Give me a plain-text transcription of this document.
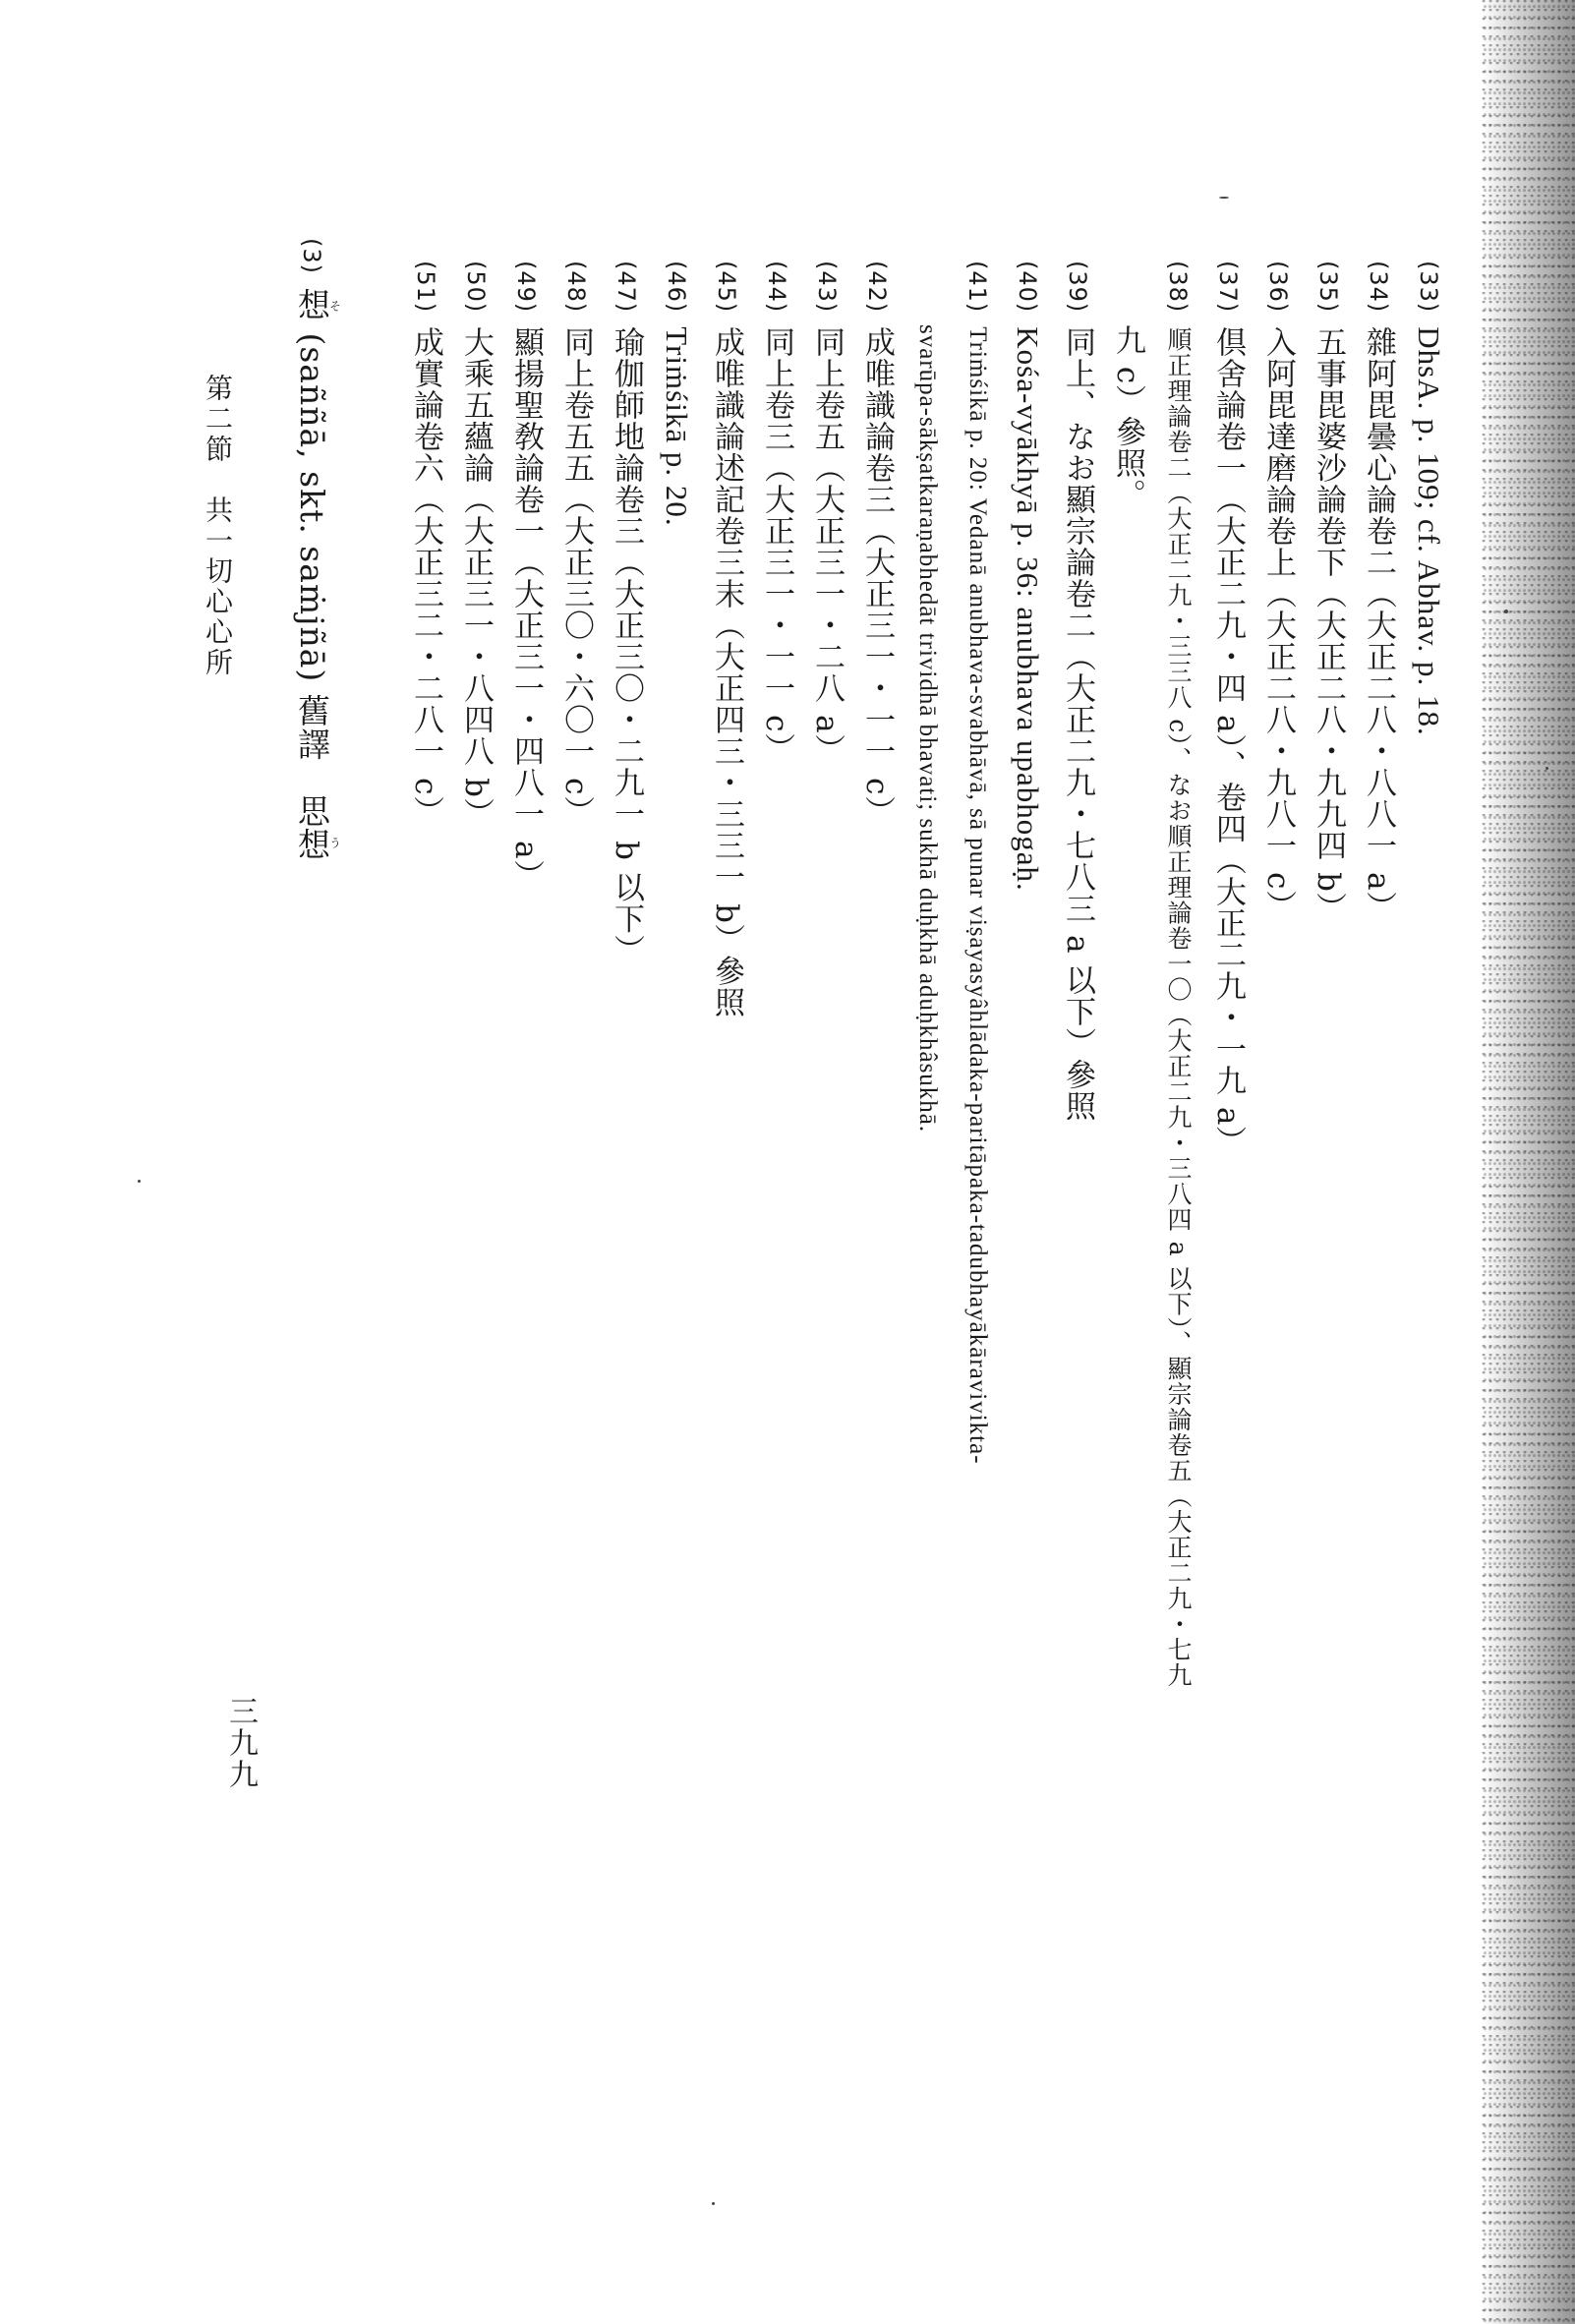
(33)DhsA. p. 109; cf. Abhav. p. 18.
(34)雜阿毘曇心論卷二（大正二八・八八一 a）
(35)五事毘婆沙論卷下（大正二八・九九四 b）
(36)入阿毘達磨論卷上（大正二八・九八一 c）
(37)倶舍論卷一（大正二九・四 a）、卷四（大正二九・一九 a）
(38)順正理論卷二（大正二九・三三八 c）、なお順正理論卷一〇（大正二九・三八四 a 以下）、顯宗論卷五（大正二九・七九
九 c）參照。
(39)同上、なお顯宗論卷二（大正二九・七八三 a 以下）參照
(40)Kośa-vyākhyā p. 36: anubhava upabhogaḥ.
(41)Triṁśikā p. 20: Vedanā anubhava-svabhāvā, sā punar viṣayasyâhlādaka-paritāpaka-tadubhayākāravivikta-
svarūpa-sākṣatkaraṇabhedāt trividhā bhavati; sukhā duḥkhā aduḥkhâsukhā.
(42)成唯識論卷三（大正三一・一一 c）
(43)同上卷五（大正三一・二八 a）
(44)同上卷三（大正三一・一一 c）
(45)成唯識論述記卷三末（大正四三・三三一 b）參照
(46)Triṁśikā p. 20.
(47)瑜伽師地論卷三（大正三〇・二九一 b 以下）
(48)同上卷五五（大正三〇・六〇一 c）
(49)顯揚聖敎論卷一（大正三一・四八一 a）
(50)大乘五蘊論（大正三一・八四八 b）
(51)成實論卷六（大正三二・二八一 c）
(3)想 (saññā, skt. saṁjñā) 舊譯　思想そう
第二節　共一切心心所
三九九
